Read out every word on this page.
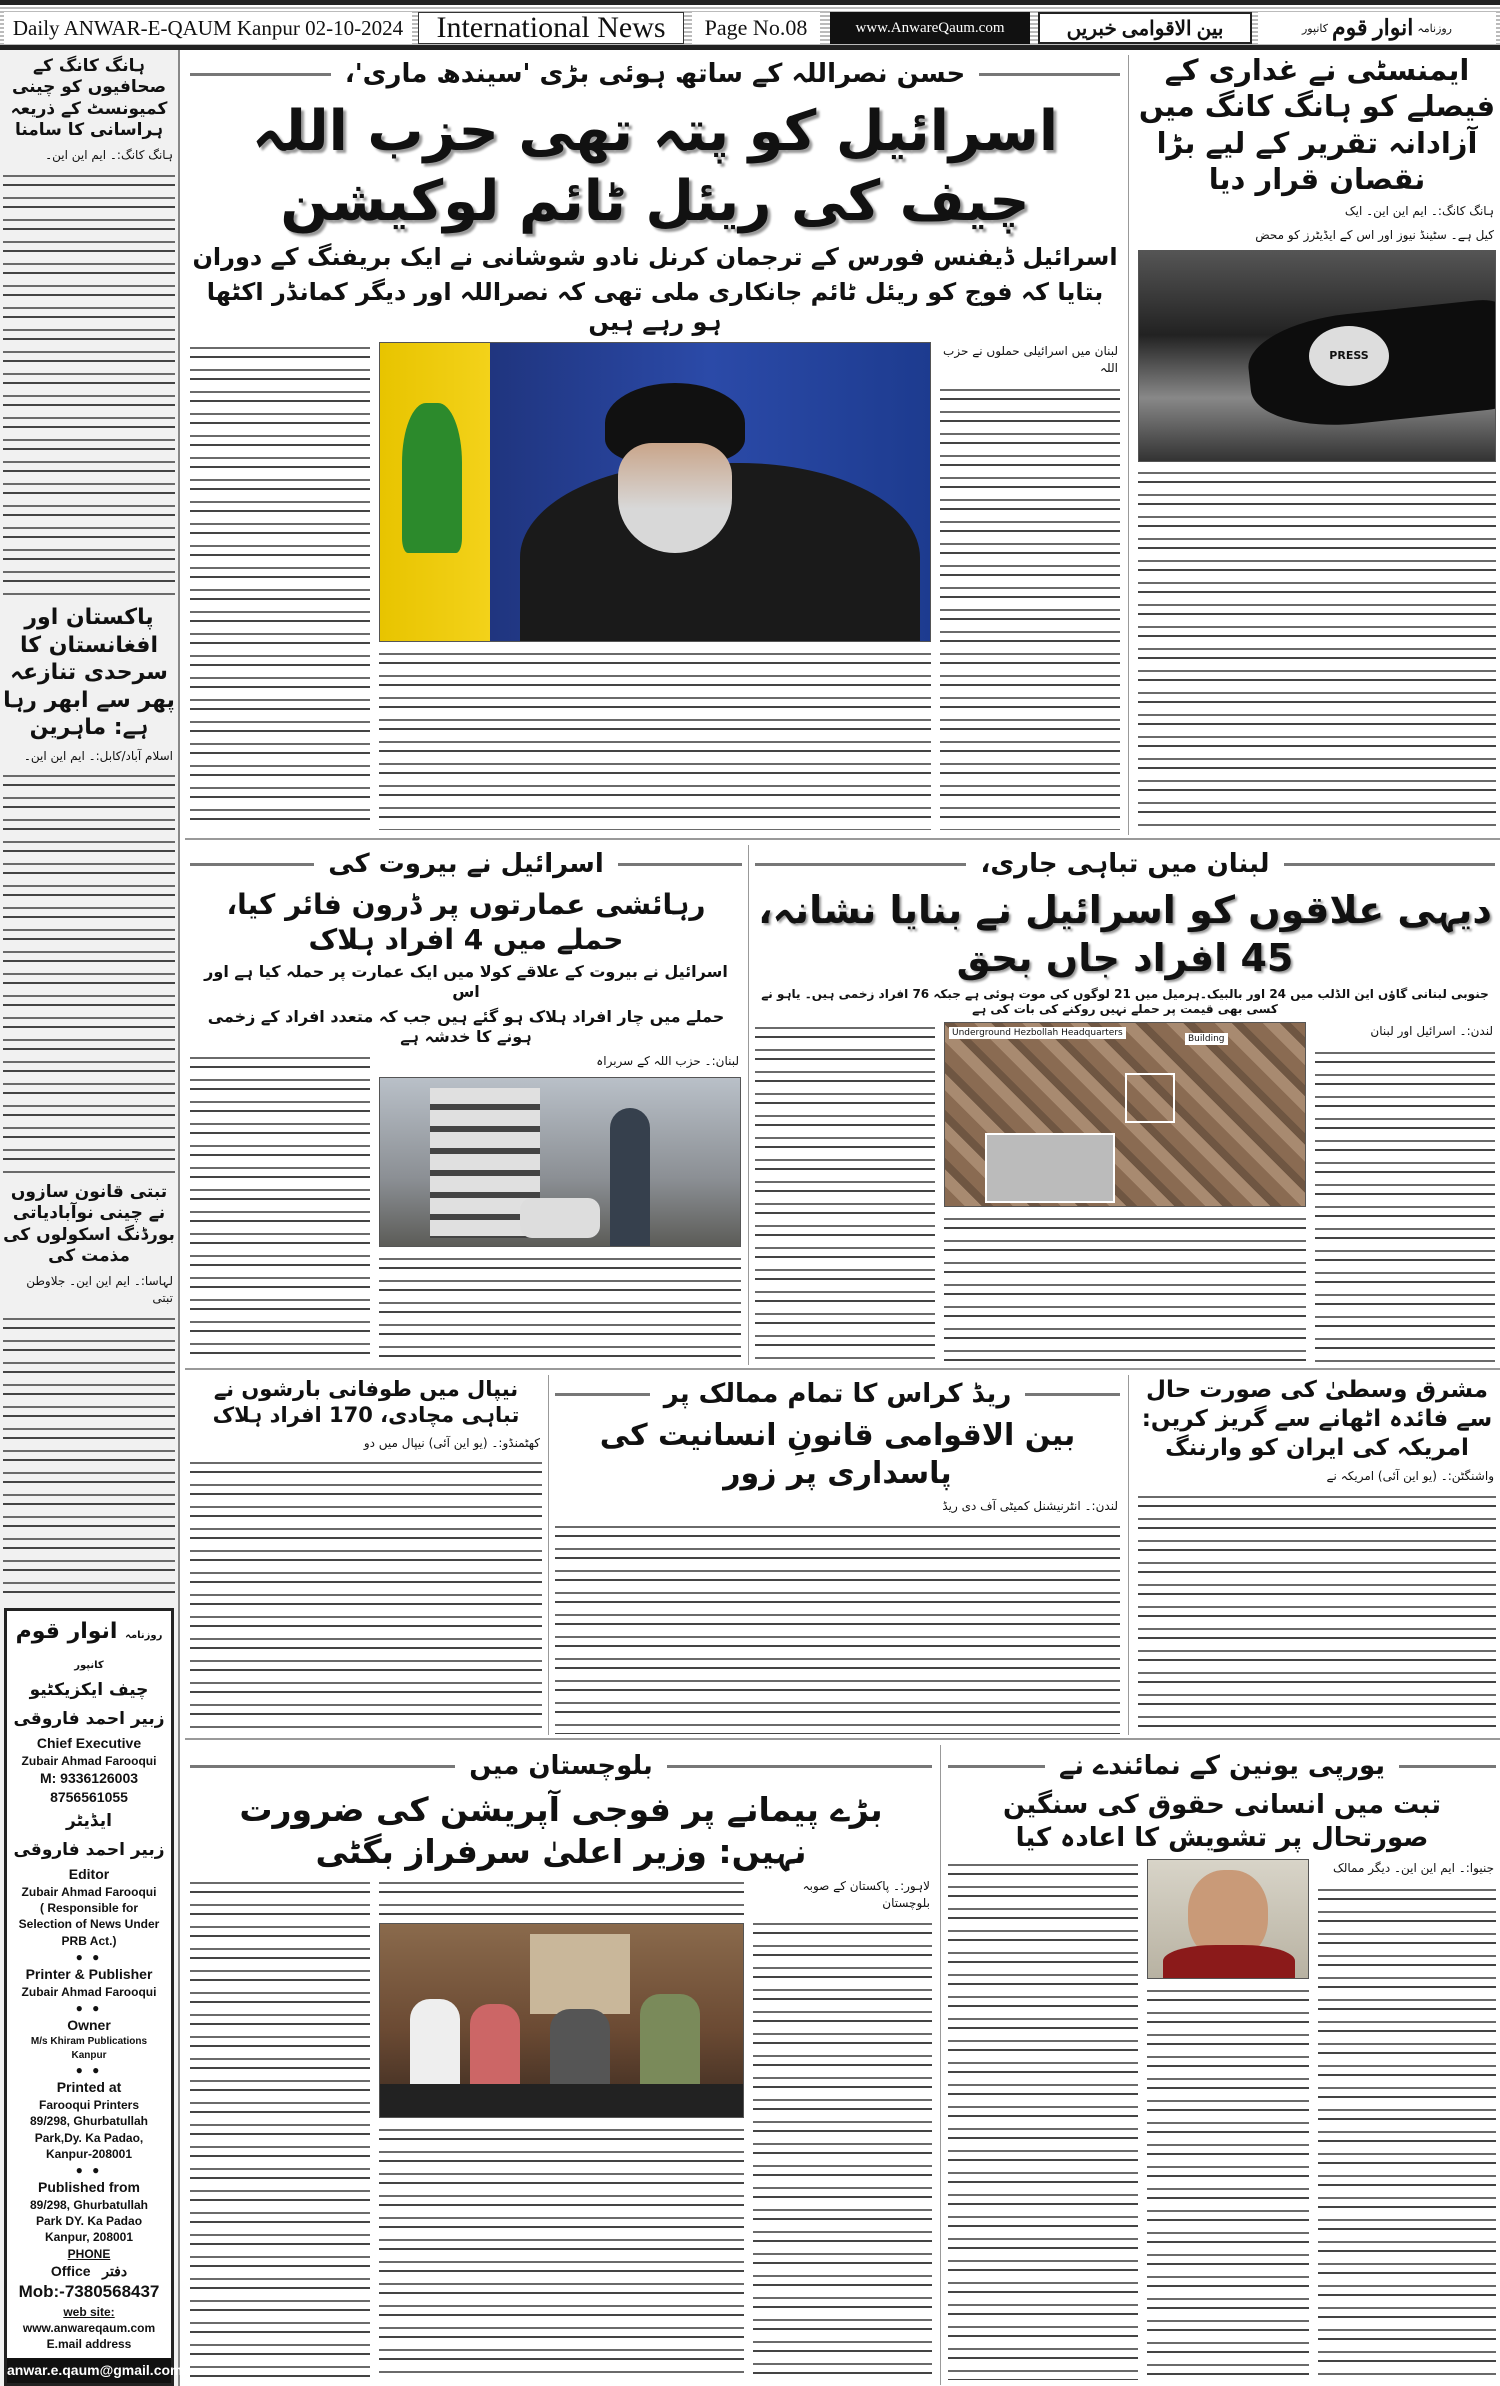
Daily ANWAR-E-QAUM Kanpur 02-10-2024	International News	Page No.08	www.AnwareQaum.com	بین الاقوامی خبریں	روزنامہ
انوار قوم
کانپور
ہانگ کانگ کے صحافیوں کو چینی کمیونسٹ کے ذریعہ ہراسانی کا سامنا
ہانگ کانگ:۔ ایم این این۔
پاکستان اور افغانستان کا سرحدی تنازعہ پھر سے ابھر رہا ہے: ماہرین
اسلام آباد/کابل:۔ ایم این این۔
تبتی قانون سازوں نے چینی نوآبادیاتی بورڈنگ اسکولوں کی مذمت کی
لہاسا:۔ ایم این این۔ جلاوطن تبتی
روزنامہ انوار قوم کانپور
چیف ایکزیکٹیو
زبیر احمد فاروقی
Chief Executive
Zubair Ahmad Farooqui
M: 9336126003
8756561055
ایڈیٹر
زبیر احمد فاروقی
Editor
Zubair Ahmad Farooqui
( Responsible for Selection of News Under PRB Act.)
● ●
Printer & Publisher
Zubair Ahmad Farooqui
● ●
Owner
M/s Khiram Publications
Kanpur
● ●
Printed at
Farooqui Printers
89/298, Ghurbatullah Park,Dy. Ka Padao, Kanpur-208001
● ●
Published from
89/298, Ghurbatullah Park DY. Ka Padao Kanpur, 208001
PHONE
Office دفتر
Mob:-7380568437
web site:
www.anwareqaum.com
E.mail address
anwar.e.qaum@gmail.com
حسن نصراللہ کے ساتھ ہوئی بڑی 'سیندھ ماری'،
اسرائیل کو پتہ تھی حزب اللہ چیف کی ریئل ٹائم لوکیشن
اسرائیل ڈیفنس فورس کے ترجمان کرنل نادو شوشانی نے ایک بریفنگ کے دوران
بتایا کہ فوج کو ریئل ٹائم جانکاری ملی تھی کہ نصراللہ اور دیگر کمانڈر اکٹھا ہو رہے ہیں
لبنان میں اسرائیلی حملوں نے حزب اللہ
ایمنسٹی نے غداری کے فیصلے کو ہانگ کانگ میں آزادانہ تقریر کے لیے بڑا نقصان قرار دیا
ہانگ کانگ:۔ ایم این این۔ ایک
کیل ہے۔ سٹینڈ نیوز اور اس کے ایڈیٹرز کو محض
PRESS
اسرائیل نے بیروت کی
رہائشی عمارتوں پر ڈرون فائر کیا، حملے میں 4 افراد ہلاک
اسرائیل نے بیروت کے علاقے کولا میں ایک عمارت پر حملہ کیا ہے اور اس
حملے میں چار افراد ہلاک ہو گئے ہیں جب کہ متعدد افراد کے زخمی ہونے کا خدشہ ہے
لبنان:۔ حزب اللہ کے سربراہ
لبنان میں تباہی جاری،
دیہی علاقوں کو اسرائیل نے بنایا نشانہ، 45 افراد جاں بحق
جنوبی لبنانی گاؤں این الڈلب میں 24 اور بالبیک۔ہرمیل میں 21 لوگوں کی موت ہوئی ہے جبکہ 76 افراد زخمی ہیں۔ یاہو نے کسی بھی قیمت پر حملے نہیں روکنے کی بات کی ہے
Underground Hezbollah Headquarters
Building
لندن:۔ اسرائیل اور لبنان
نیپال میں طوفانی بارشوں نے تباہی مچادی، 170 افراد ہلاک
کھٹمنڈو:۔ (یو این آئی) نیپال میں دو
ریڈ کراس کا تمام ممالک پر
بین الاقوامی قانونِ انسانیت کی پاسداری پر زور
لندن:۔ انٹرنیشنل کمیٹی آف دی ریڈ
مشرق وسطیٰ کی صورت حال سے فائدہ اٹھانے سے گریز کریں: امریکہ کی ایران کو وارننگ
واشنگٹن:۔ (یو این آئی) امریکہ نے
بلوچستان میں
بڑے پیمانے پر فوجی آپریشن کی ضرورت نہیں: وزیر اعلیٰ سرفراز بگٹی
لاہور:۔ پاکستان کے صوبہ بلوچستان
یورپی یونین کے نمائندے نے
تبت میں انسانی حقوق کی سنگین صورتحال پر تشویش کا اعادہ کیا
جنیوا:۔ ایم این این۔ دیگر ممالک
